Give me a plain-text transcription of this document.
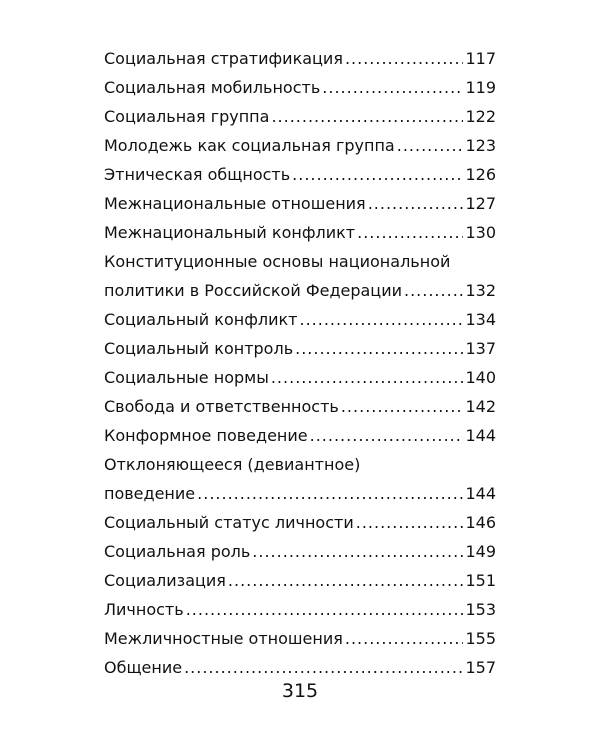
Социальная стратификация .....	117
Социальная мобильность .....	119
Социальная группа .....	122
Молодежь как социальная группа .....	123
Этническая общность .....	126
Межнациональные отношения .....	127
Межнациональный конфликт .....	130
Конституционные основы национальной
политики в Российской Федерации .....	132
Социальный конфликт .....	134
Социальный контроль .....	137
Социальные нормы .....	140
Свобода и ответственность .....	142
Конформное поведение .....	144
Отклоняющееся (девиантное)
поведение .....	144
Социальный статус личности .....	146
Социальная роль .....	149
Социализация .....	151
Личность .....	153
Межличностные отношения .....	155
Общение .....	157
315
